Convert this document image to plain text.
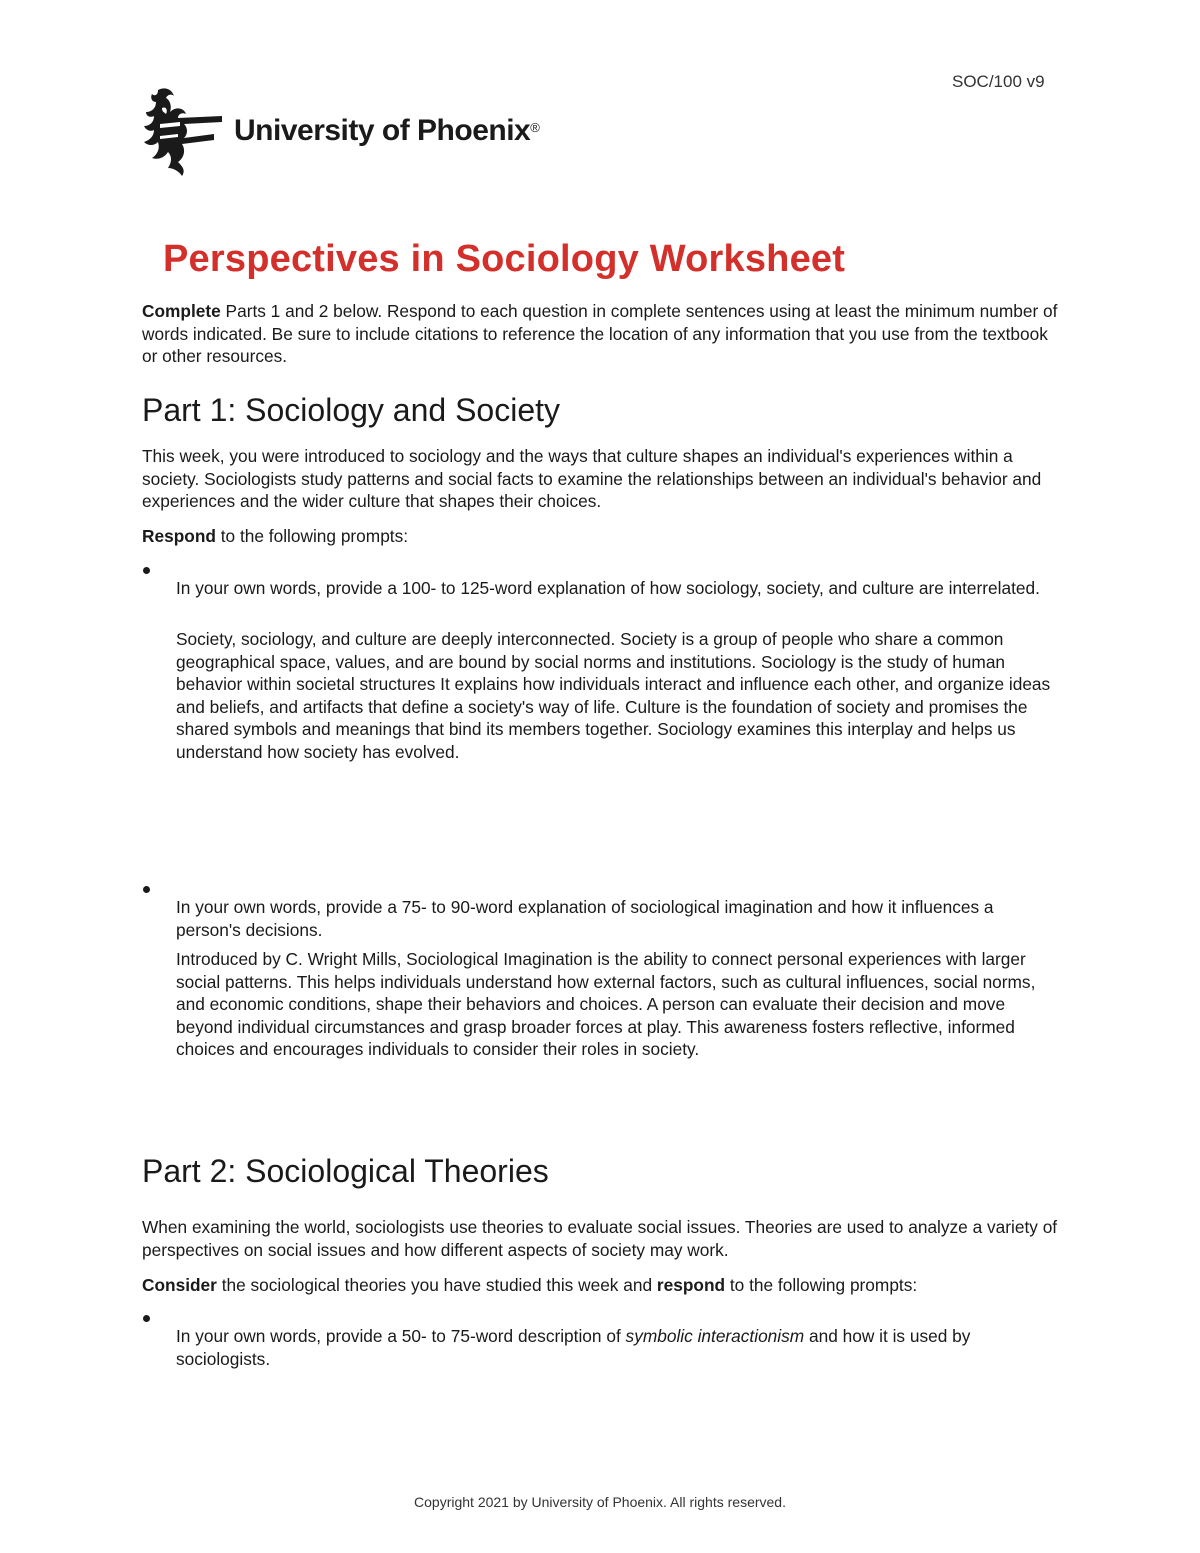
SOC/100 v9
University of Phoenix®
Perspectives in Sociology Worksheet

Complete Parts 1 and 2 below. Respond to each question in complete sentences using at least the minimum number of words indicated. Be sure to include citations to reference the location of any information that you use from the textbook or other resources.

Part 1: Sociology and Society

This week, you were introduced to sociology and the ways that culture shapes an individual's experiences within a society. Sociologists study patterns and social facts to examine the relationships between an individual's behavior and experiences and the wider culture that shapes their choices.

Respond to the following prompts:

In your own words, provide a 100- to 125-word explanation of how sociology, society, and culture are interrelated.

Society, sociology, and culture are deeply interconnected. Society is a group of people who share a common geographical space, values, and are bound by social norms and institutions. Sociology is the study of human behavior within societal structures It explains how individuals interact and influence each other, and organize ideas and beliefs, and artifacts that define a society's way of life. Culture is the foundation of society and promises the shared symbols and meanings that bind its members together. Sociology examines this interplay and helps us understand how society has evolved.

In your own words, provide a 75- to 90-word explanation of sociological imagination and how it influences a person's decisions.

Introduced by C. Wright Mills, Sociological Imagination is the ability to connect personal experiences with larger social patterns. This helps individuals understand how external factors, such as cultural influences, social norms, and economic conditions, shape their behaviors and choices. A person can evaluate their decision and move beyond individual circumstances and grasp broader forces at play. This awareness fosters reflective, informed choices and encourages individuals to consider their roles in society.

Part 2: Sociological Theories

When examining the world, sociologists use theories to evaluate social issues. Theories are used to analyze a variety of perspectives on social issues and how different aspects of society may work.

Consider the sociological theories you have studied this week and respond to the following prompts:

In your own words, provide a 50- to 75-word description of symbolic interactionism and how it is used by sociologists.

Copyright 2021 by University of Phoenix. All rights reserved.
